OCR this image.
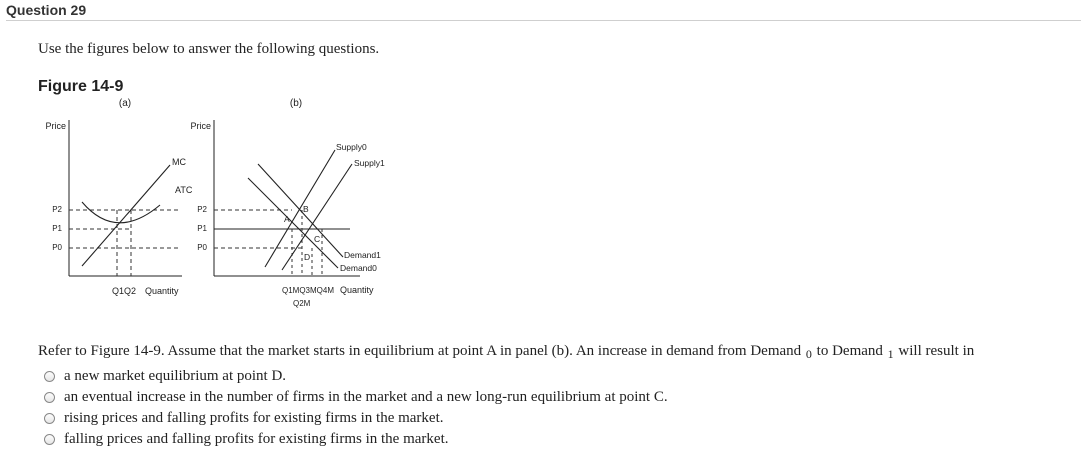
Question 29
Use the figures below to answer the following questions.
Figure 14-9
(a)
Price
P2
P1
P0
MC
ATC
Q1Q2 Quantity
(b)
Price
P2
P1
P0
Supply0
Supply1
Demand1
Demand0
A
B
C
D
Q1MQ3MQ4M
Q2M
Quantity
Refer to Figure 14-9. Assume that the market starts in equilibrium at point A in panel (b). An increase in demand from Demand $_0$ to Demand $_1$ will result in
a new market equilibrium at point D.
an eventual increase in the number of firms in the market and a new long-run equilibrium at point C.
rising prices and falling profits for existing firms in the market.
falling prices and falling profits for existing firms in the market.
